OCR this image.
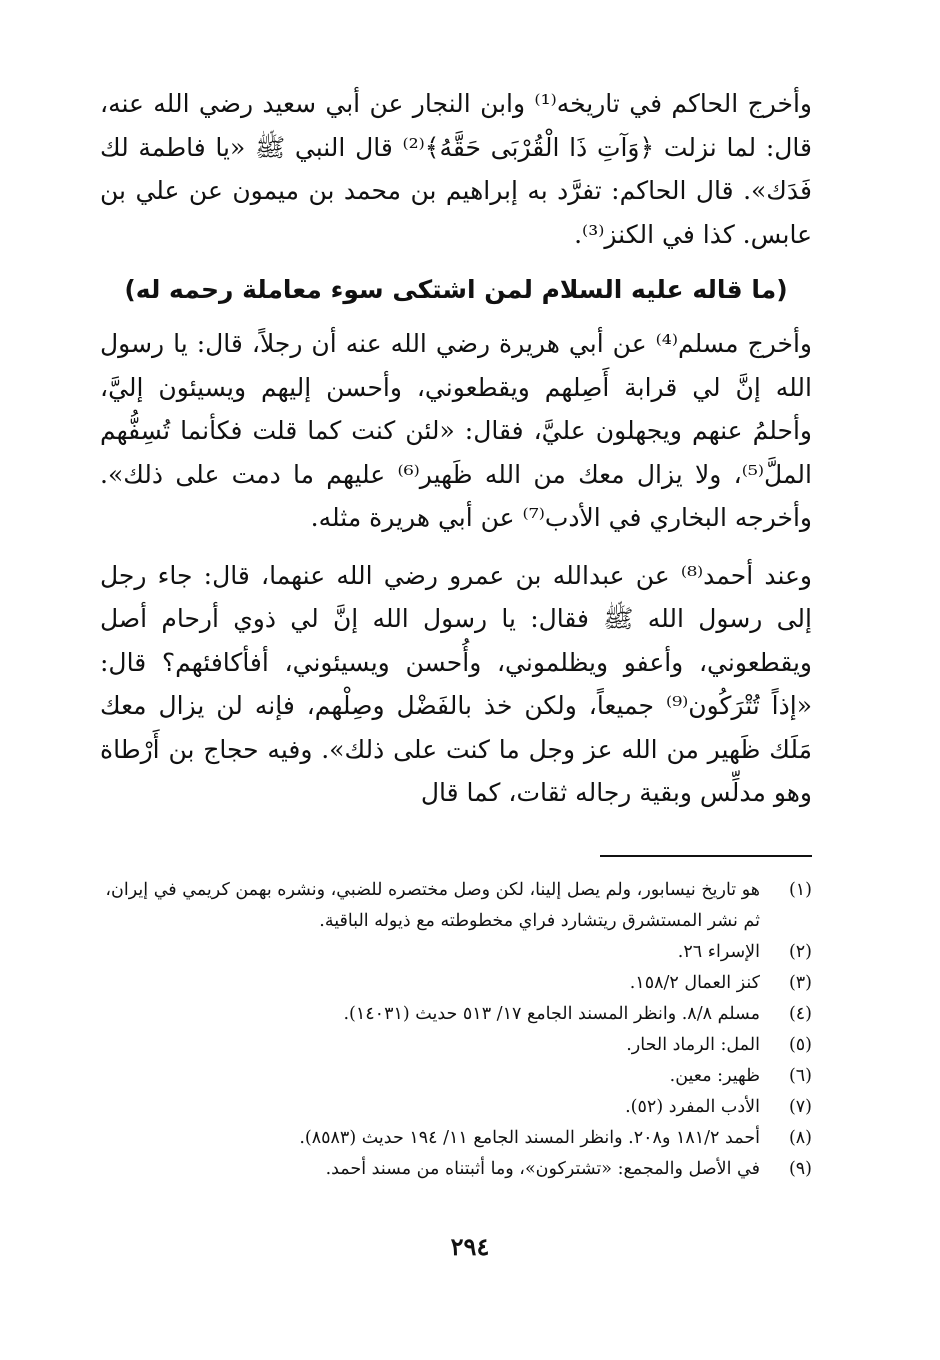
وأخرج الحاكم في تاريخه⁽¹⁾ وابن النجار عن أبي سعيد رضي الله عنه، قال: لما نزلت ﴿وَآتِ ذَا الْقُرْبَى حَقَّهُ﴾⁽²⁾ قال النبي ﷺ «يا فاطمة لك فَدَك». قال الحاكم: تفرَّد به إبراهيم بن محمد بن ميمون عن علي بن عابس. كذا في الكنز⁽³⁾.

(ما قاله عليه السلام لمن اشتكى سوء معاملة رحمه له)

وأخرج مسلم⁽⁴⁾ عن أبي هريرة رضي الله عنه أن رجلاً، قال: يا رسول الله إنَّ لي قرابة أَصِلهم ويقطعوني، وأحسن إليهم ويسيئون إليَّ، وأحلمُ عنهم ويجهلون عليَّ، فقال: «لئن كنت كما قلت فكأنما تُسِفُّهم الملَّ⁽⁵⁾، ولا يزال معك من الله ظَهير⁽⁶⁾ عليهم ما دمت على ذلك». وأخرجه البخاري في الأدب⁽⁷⁾ عن أبي هريرة مثله.

وعند أحمد⁽⁸⁾ عن عبدالله بن عمرو رضي الله عنهما، قال: جاء رجل إلى رسول الله ﷺ فقال: يا رسول الله إنَّ لي ذوي أرحام أصل ويقطعوني، وأعفو ويظلموني، وأُحسن ويسيئوني، أفأكافئهم؟ قال: «إذاً تُتْرَكُون⁽⁹⁾ جميعاً، ولكن خذ بالفَضْل وصِلْهم، فإنه لن يزال معك مَلَك ظَهير من الله عز وجل ما كنت على ذلك». وفيه حجاج بن أَرْطاة وهو مدلِّس وبقية رجاله ثقات، كما قال

(١)
هو تاريخ نيسابور، ولم يصل إلينا، لكن وصل مختصره للضبي، ونشره بهمن كريمي في إيران، ثم نشر المستشرق ريتشارد فراي مخطوطته مع ذيوله الباقية.
(٢)
الإسراء ٢٦.
(٣)
كنز العمال ١٥٨/٢.
(٤)
مسلم ٨/٨. وانظر المسند الجامع ١٧/ ٥١٣ حديث (١٤٠٣١).
(٥)
المل: الرماد الحار.
(٦)
ظهير: معين.
(٧)
الأدب المفرد (٥٢).
(٨)
أحمد ١٨١/٢ و٢٠٨. وانظر المسند الجامع ١١/ ١٩٤ حديث (٨٥٨٣).
(٩)
في الأصل والمجمع: «تشتركون»، وما أثبتناه من مسند أحمد.
٢٩٤
